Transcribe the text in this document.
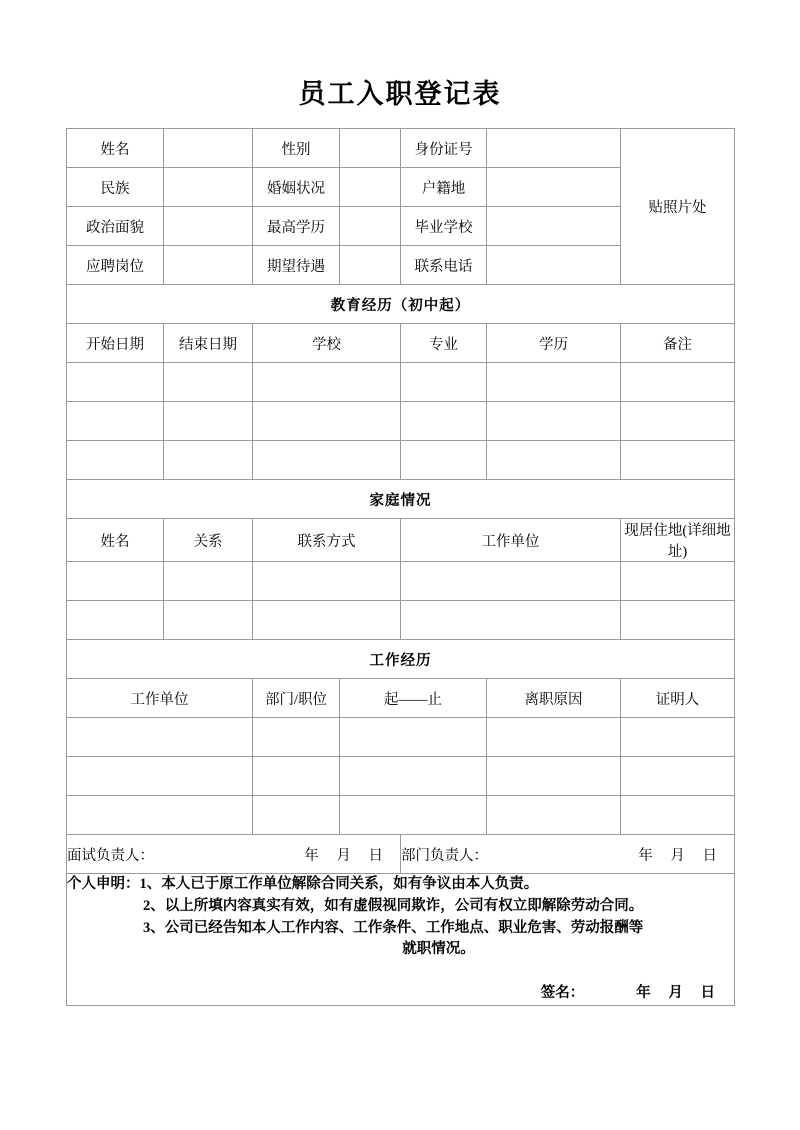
员工入职登记表
姓名		性别		身份证号		贴照片处
民族		婚姻状况		户籍地		
政治面貌		最高学历		毕业学校		
应聘岗位		期望待遇		联系电话		
教育经历（初中起）						
开始日期	结束日期	学校		专业	学历	备注

家庭情况						
姓名	关系	联系方式		工作单位		现居住地(详细地址)

工作经历						
工作单位		部门/职位	起——止		离职原因	证明人

面试负责人： 年 月 日				部门负责人： 年 月 日		

个人申明： 1、本人已于原工作单位解除合同关系，如有争议由本人负责。
2、以上所填内容真实有效，如有虚假视同欺诈，公司有权立即解除劳动合同。
3、公司已经告知本人工作内容、工作条件、工作地点、职业危害、劳动报酬等
就职情况。
签名：	年 月 日
